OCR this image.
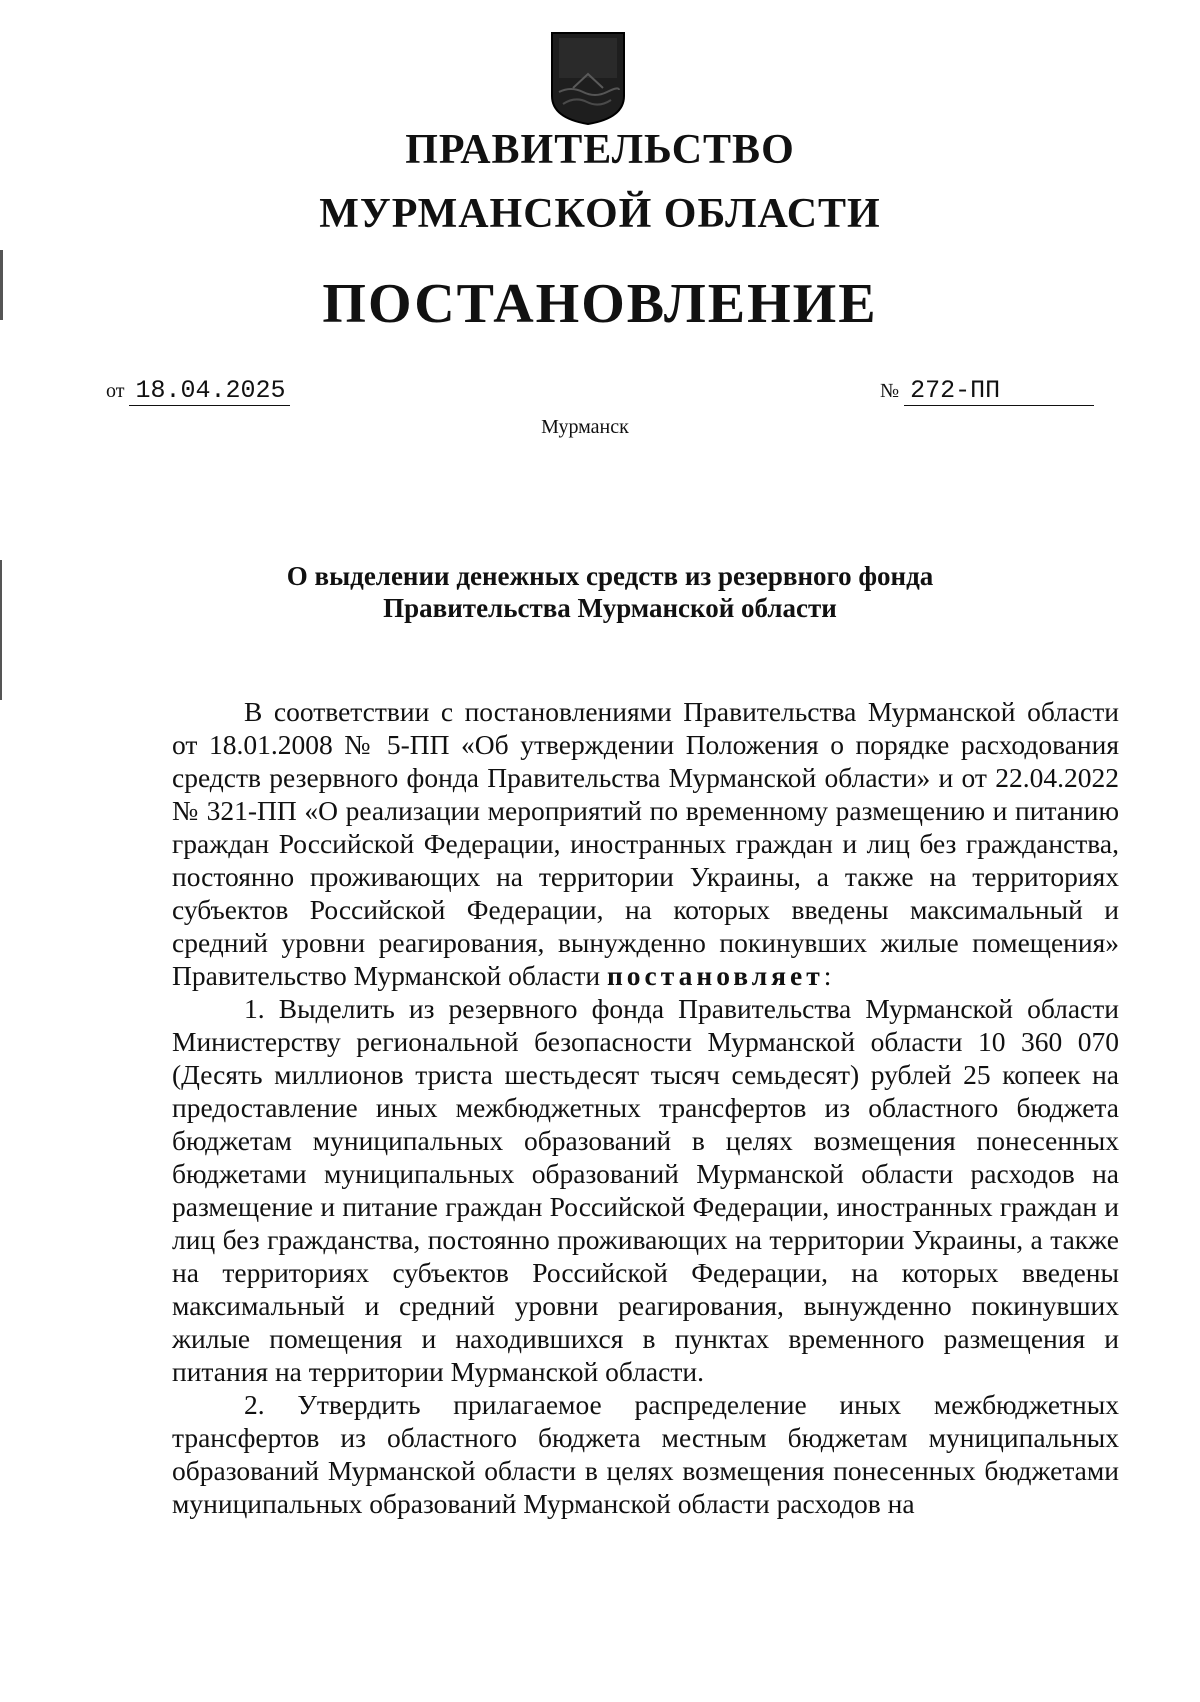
ПРАВИТЕЛЬСТВО
МУРМАНСКОЙ ОБЛАСТИ
ПОСТАНОВЛЕНИЕ
от 18.04.2025	№ 272-ПП
Мурманск
О выделении денежных средств из резервного фонда
Правительства Мурманской области

В соответствии с постановлениями Правительства Мурманской области от 18.01.2008 № 5-ПП «Об утверждении Положения о порядке расходования средств резервного фонда Правительства Мурманской области» и от 22.04.2022 № 321-ПП «О реализации мероприятий по временному размещению и питанию граждан Российской Федерации, иностранных граждан и лиц без гражданства, постоянно проживающих на территории Украины, а также на территориях субъектов Российской Федерации, на которых введены максимальный и средний уровни реагирования, вынужденно покинувших жилые помещения» Правительство Мурманской области постановляет:

1. Выделить из резервного фонда Правительства Мурманской области Министерству региональной безопасности Мурманской области 10 360 070 (Десять миллионов триста шестьдесят тысяч семьдесят) рублей 25 копеек на предоставление иных межбюджетных трансфертов из областного бюджета бюджетам муниципальных образований в целях возмещения понесенных бюджетами муниципальных образований Мурманской области расходов на размещение и питание граждан Российской Федерации, иностранных граждан и лиц без гражданства, постоянно проживающих на территории Украины, а также на территориях субъектов Российской Федерации, на которых введены максимальный и средний уровни реагирования, вынужденно покинувших жилые помещения и находившихся в пунктах временного размещения и питания на территории Мурманской области.

2. Утвердить прилагаемое распределение иных межбюджетных трансфертов из областного бюджета местным бюджетам муниципальных образований Мурманской области в целях возмещения понесенных бюджетами муниципальных образований Мурманской области расходов на
